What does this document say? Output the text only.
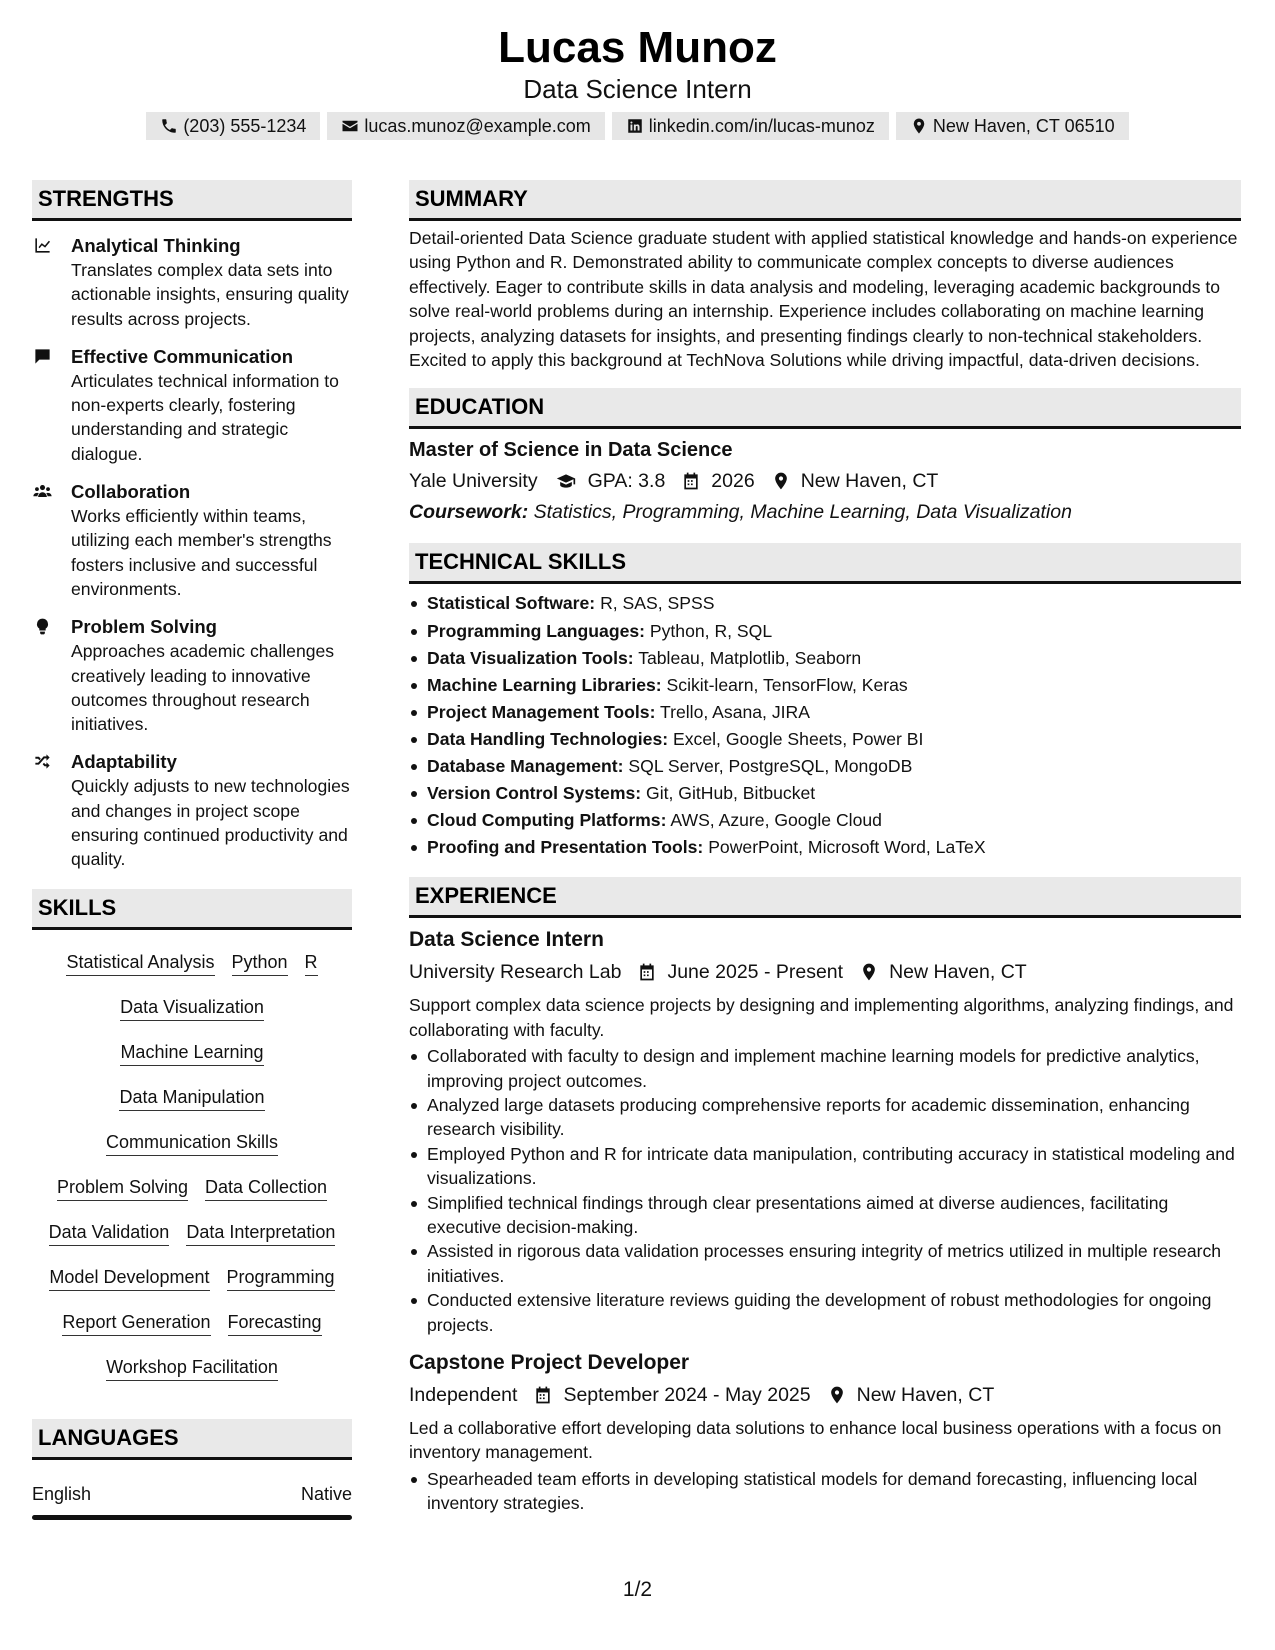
Lucas Munoz
Data Science Intern
(203) 555-1234	lucas.munoz@example.com	linkedin.com/in/lucas-munoz	New Haven, CT 06510
STRENGTHS
Analytical Thinking
Translates complex data sets into actionable insights, ensuring quality results across projects.
Effective Communication
Articulates technical information to non-experts clearly, fostering understanding and strategic dialogue.
Collaboration
Works efficiently within teams, utilizing each member's strengths fosters inclusive and successful environments.
Problem Solving
Approaches academic challenges creatively leading to innovative outcomes throughout research initiatives.
Adaptability
Quickly adjusts to new technologies and changes in project scope ensuring continued productivity and quality.
SKILLS
Statistical Analysis Python R
Data Visualization
Machine Learning
Data Manipulation
Communication Skills
Problem Solving Data Collection
Data Validation Data Interpretation
Model Development Programming
Report Generation Forecasting
Workshop Facilitation
LANGUAGES
English	Native
SUMMARY
Detail-oriented Data Science graduate student with applied statistical knowledge and hands-on experience using Python and R. Demonstrated ability to communicate complex concepts to diverse audiences effectively. Eager to contribute skills in data analysis and modeling, leveraging academic backgrounds to solve real-world problems during an internship. Experience includes collaborating on machine learning projects, analyzing datasets for insights, and presenting findings clearly to non-technical stakeholders. Excited to apply this background at TechNova Solutions while driving impactful, data-driven decisions.
EDUCATION
Master of Science in Data Science
Yale University	GPA: 3.8 2026 New Haven, CT
Coursework: Statistics, Programming, Machine Learning, Data Visualization
TECHNICAL SKILLS
Statistical Software: R, SAS, SPSS
Programming Languages: Python, R, SQL
Data Visualization Tools: Tableau, Matplotlib, Seaborn
Machine Learning Libraries: Scikit-learn, TensorFlow, Keras
Project Management Tools: Trello, Asana, JIRA
Data Handling Technologies: Excel, Google Sheets, Power BI
Database Management: SQL Server, PostgreSQL, MongoDB
Version Control Systems: Git, GitHub, Bitbucket
Cloud Computing Platforms: AWS, Azure, Google Cloud
Proofing and Presentation Tools: PowerPoint, Microsoft Word, LaTeX
EXPERIENCE
Data Science Intern
University Research Lab June 2025 - Present New Haven, CT
Support complex data science projects by designing and implementing algorithms, analyzing findings, and collaborating with faculty.
Collaborated with faculty to design and implement machine learning models for predictive analytics, improving project outcomes.
Analyzed large datasets producing comprehensive reports for academic dissemination, enhancing research visibility.
Employed Python and R for intricate data manipulation, contributing accuracy in statistical modeling and visualizations.
Simplified technical findings through clear presentations aimed at diverse audiences, facilitating executive decision-making.
Assisted in rigorous data validation processes ensuring integrity of metrics utilized in multiple research initiatives.
Conducted extensive literature reviews guiding the development of robust methodologies for ongoing projects.
Capstone Project Developer
Independent September 2024 - May 2025 New Haven, CT
Led a collaborative effort developing data solutions to enhance local business operations with a focus on inventory management.
Spearheaded team efforts in developing statistical models for demand forecasting, influencing local inventory strategies.
1/2
